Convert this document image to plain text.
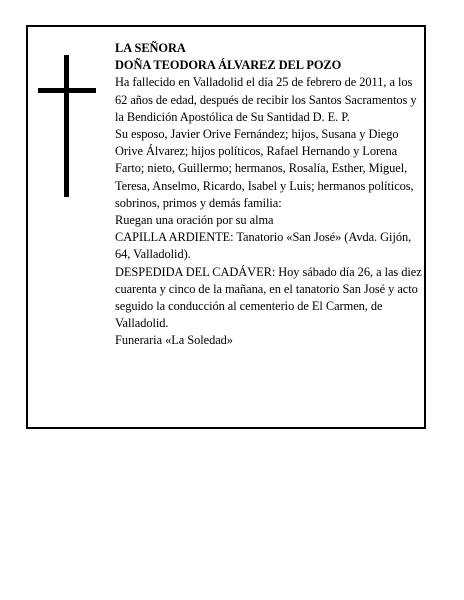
LA SEÑORA

DOÑA TEODORA ÁLVAREZ DEL POZO

Ha fallecido en Valladolid el día 25 de febrero de 2011, a los 62 años de edad, después de recibir los Santos Sacramentos y la Bendición Apostólica de Su Santidad D. E. P.

Su esposo, Javier Orive Fernández; hijos, Susana y Diego Orive Álvarez; hijos políticos, Rafael Hernando y Lorena Farto; nieto, Guillermo; hermanos, Rosalía, Esther, Miguel, Teresa, Anselmo, Ricardo, Isabel y Luis; hermanos políticos, sobrinos, primos y demás familia:

Ruegan una oración por su alma

CAPILLA ARDIENTE: Tanatorio «San José» (Avda. Gijón, 64, Valladolid).

DESPEDIDA DEL CADÁVER: Hoy sábado día 26, a las diez cuarenta y cinco de la mañana, en el tanatorio San José y acto seguido la conducción al cementerio de El Carmen, de Valladolid.

Funeraria «La Soledad»
